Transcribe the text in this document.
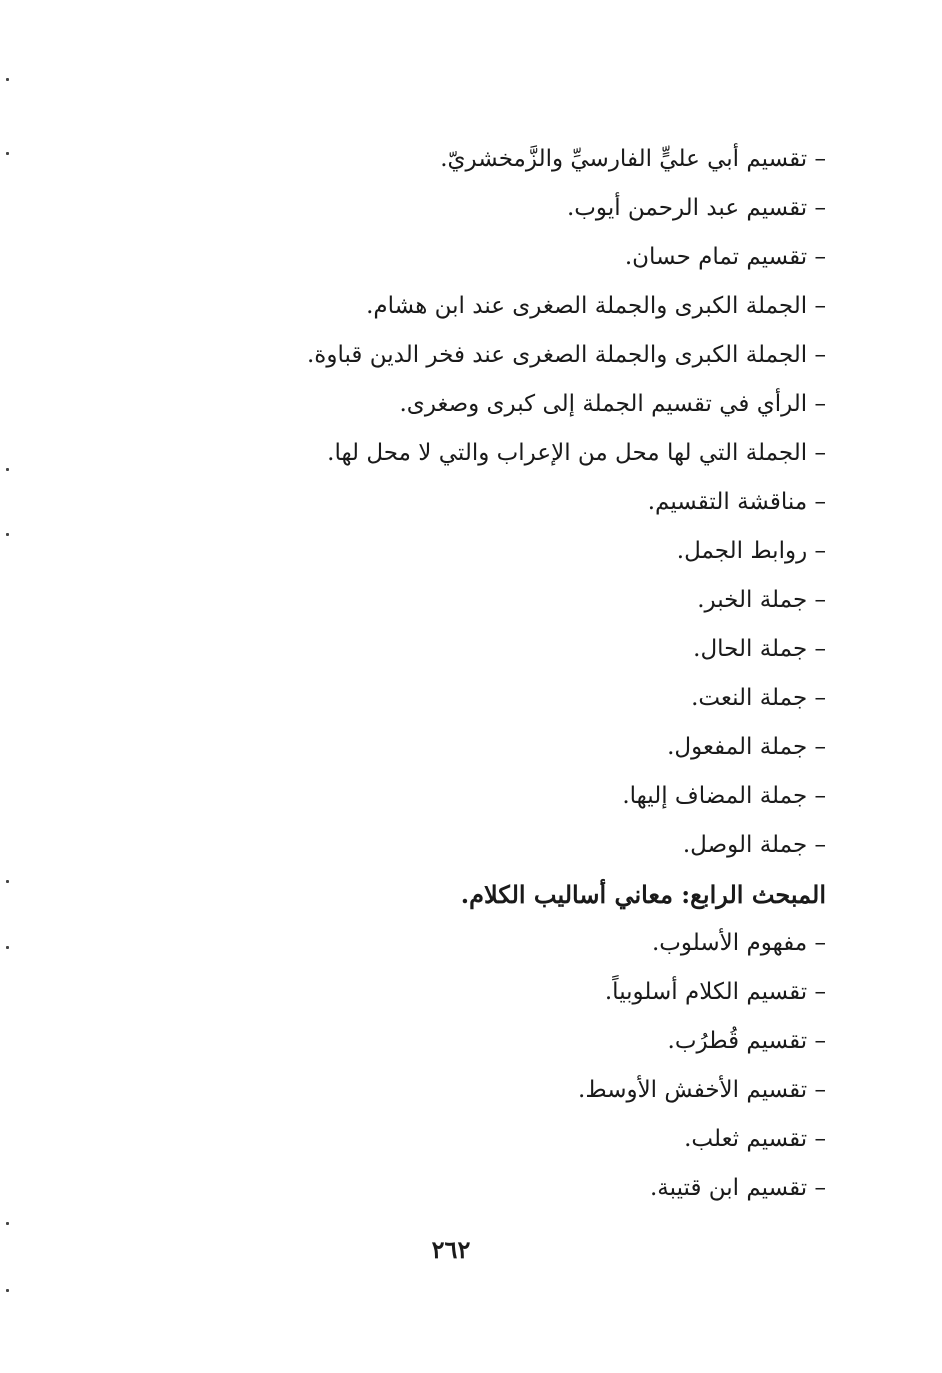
– تقسيم أبي عليٍّ الفارسيِّ والزَّمخشريّ.
– تقسيم عبد الرحمن أيوب.
– تقسيم تمام حسان.
– الجملة الكبرى والجملة الصغرى عند ابن هشام.
– الجملة الكبرى والجملة الصغرى عند فخر الدين قباوة.
– الرأي في تقسيم الجملة إلى كبرى وصغرى.
– الجملة التي لها محل من الإعراب والتي لا محل لها.
– مناقشة التقسيم.
– روابط الجمل.
– جملة الخبر.
– جملة الحال.
– جملة النعت.
– جملة المفعول.
– جملة المضاف إليها.
– جملة الوصل.
المبحث الرابع: معاني أساليب الكلام.
– مفهوم الأسلوب.
– تقسيم الكلام أسلوبياً.
– تقسيم قُطرُب.
– تقسيم الأخفش الأوسط.
– تقسيم ثعلب.
– تقسيم ابن قتيبة.
٢٦٢
